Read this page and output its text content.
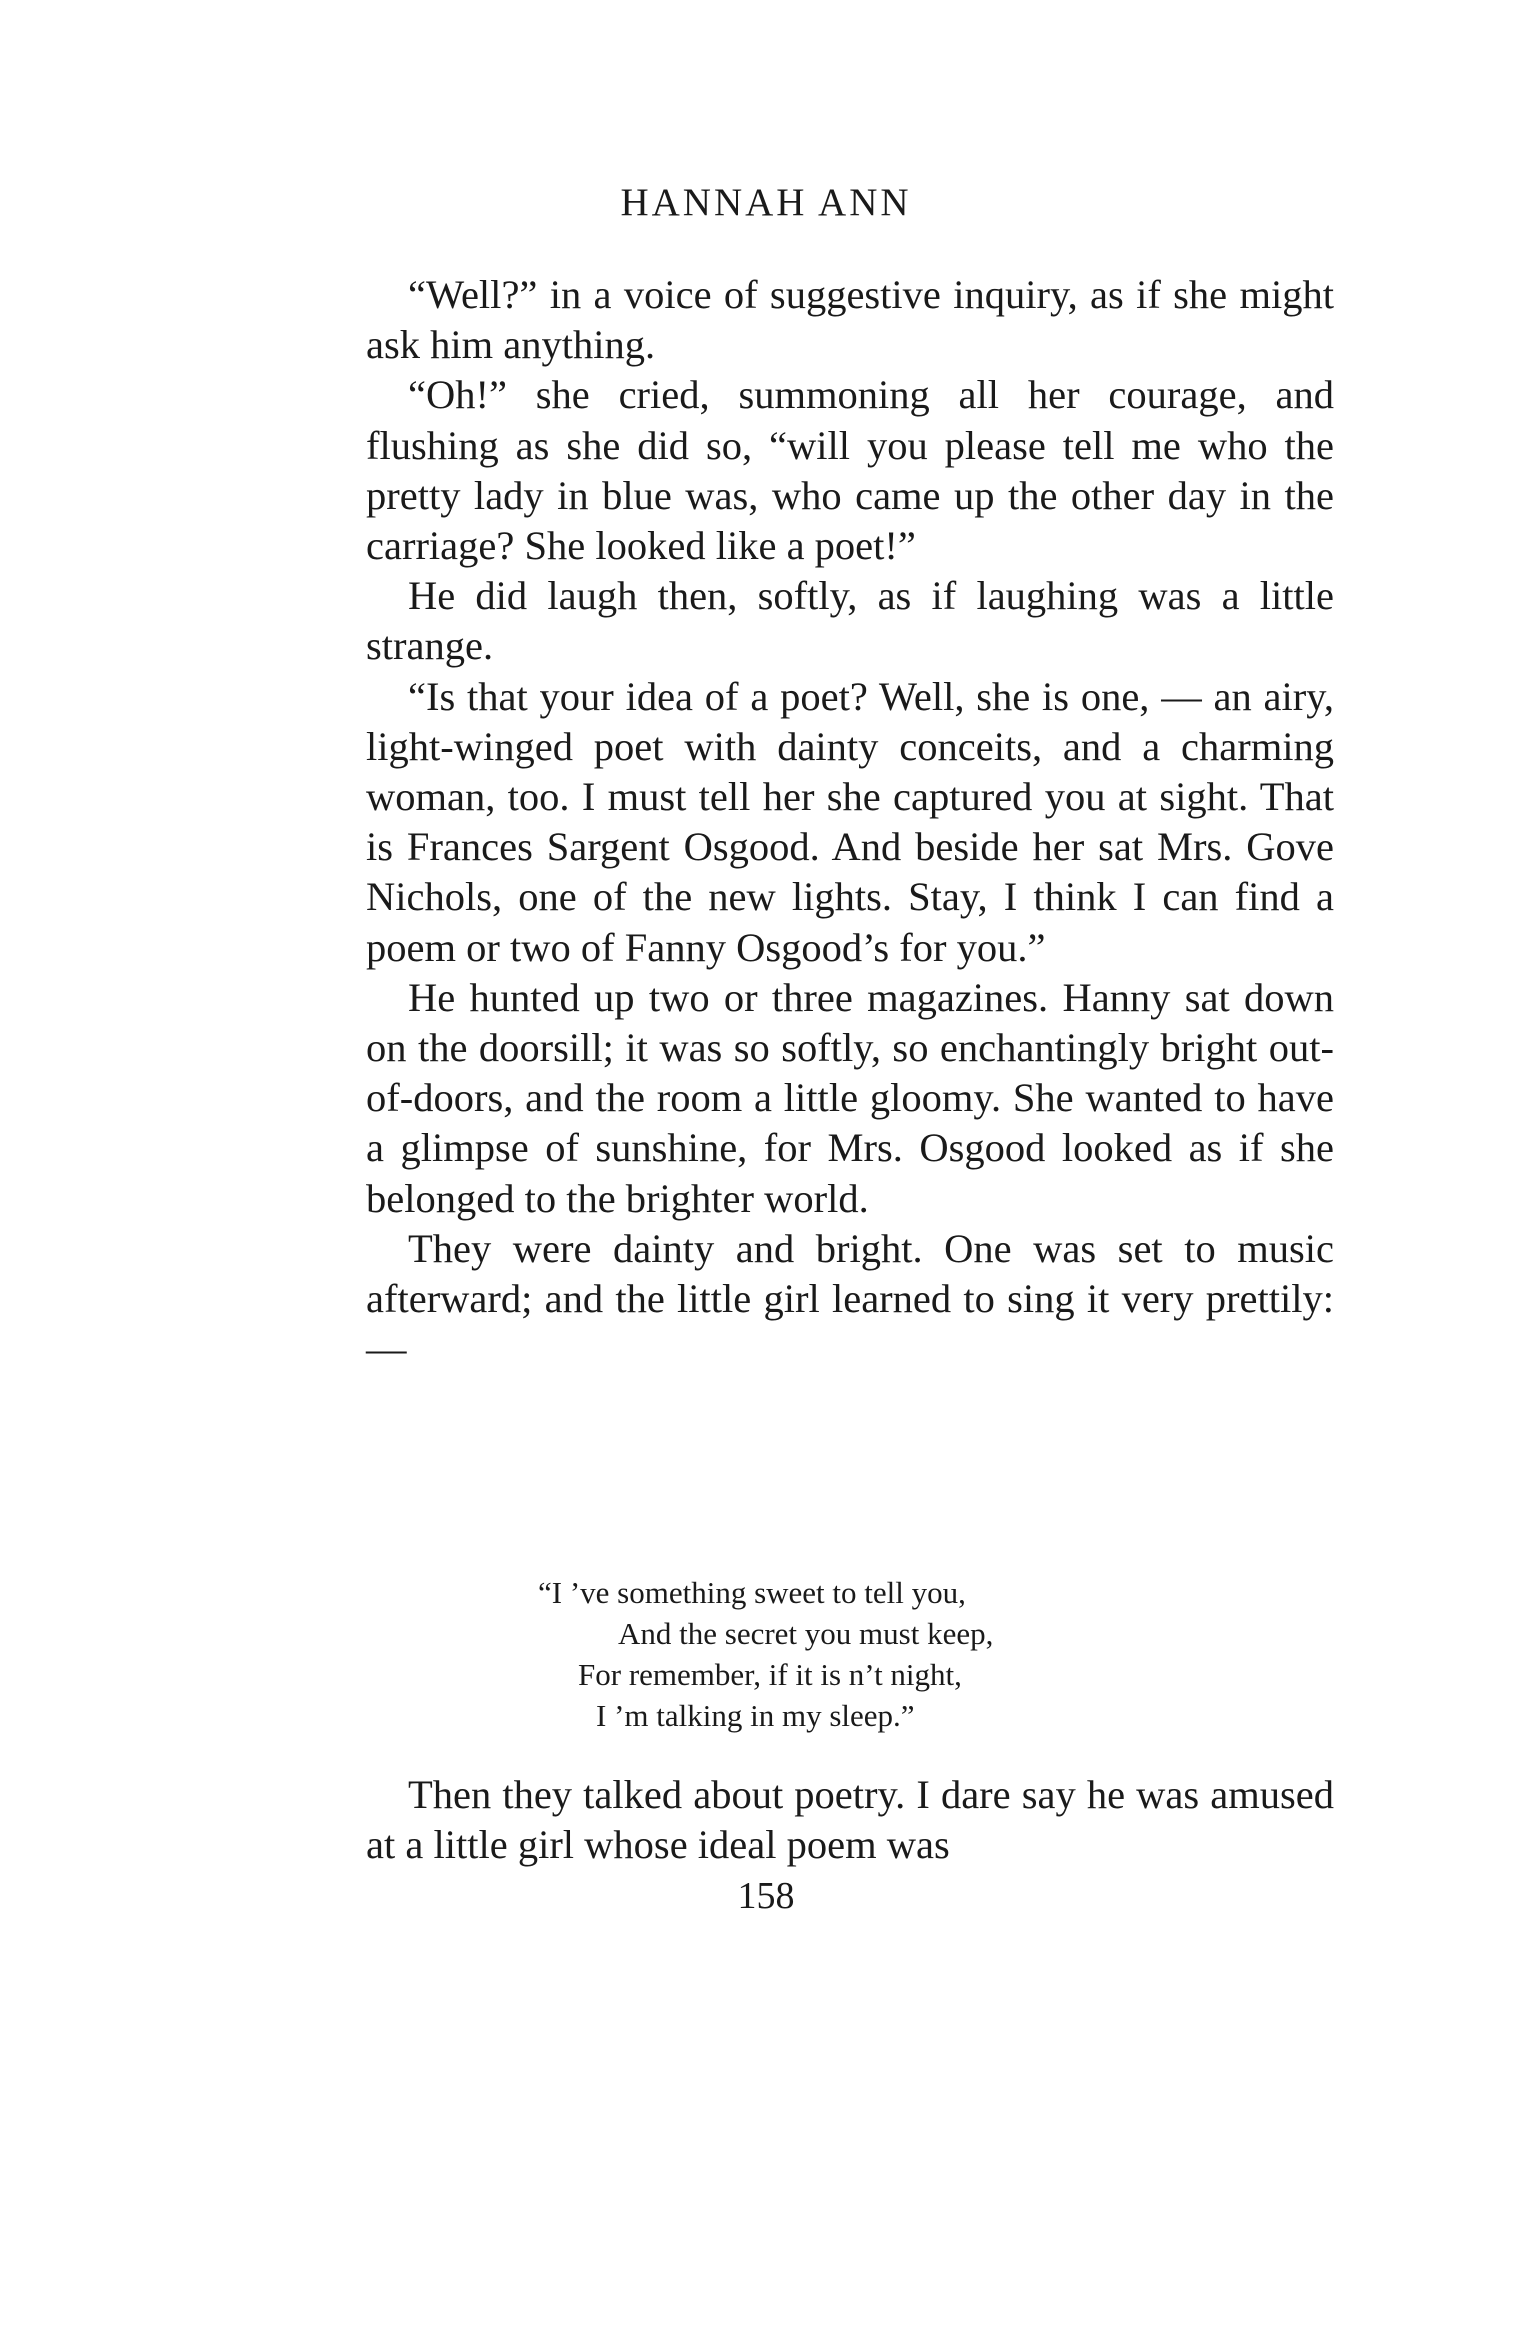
HANNAH ANN

“Well?” in a voice of suggestive inquiry, as if she might ask him anything.

“Oh!” she cried, summoning all her courage, and flushing as she did so, “will you please tell me who the pretty lady in blue was, who came up the other day in the carriage? She looked like a poet!”

He did laugh then, softly, as if laughing was a little strange.

“Is that your idea of a poet? Well, she is one, — an airy, light-winged poet with dainty conceits, and a charming woman, too. I must tell her she captured you at sight. That is Frances Sargent Osgood. And beside her sat Mrs. Gove Nichols, one of the new lights. Stay, I think I can find a poem or two of Fanny Osgood’s for you.”

He hunted up two or three magazines. Hanny sat down on the doorsill; it was so softly, so enchantingly bright out-of-doors, and the room a little gloomy. She wanted to have a glimpse of sunshine, for Mrs. Osgood looked as if she belonged to the brighter world.

They were dainty and bright. One was set to music afterward; and the little girl learned to sing it very prettily: —

“I ’ve something sweet to tell you,
And the secret you must keep,
For remember, if it is n’t night,
I ’m talking in my sleep.”

Then they talked about poetry. I dare say he was amused at a little girl whose ideal poem was

158
